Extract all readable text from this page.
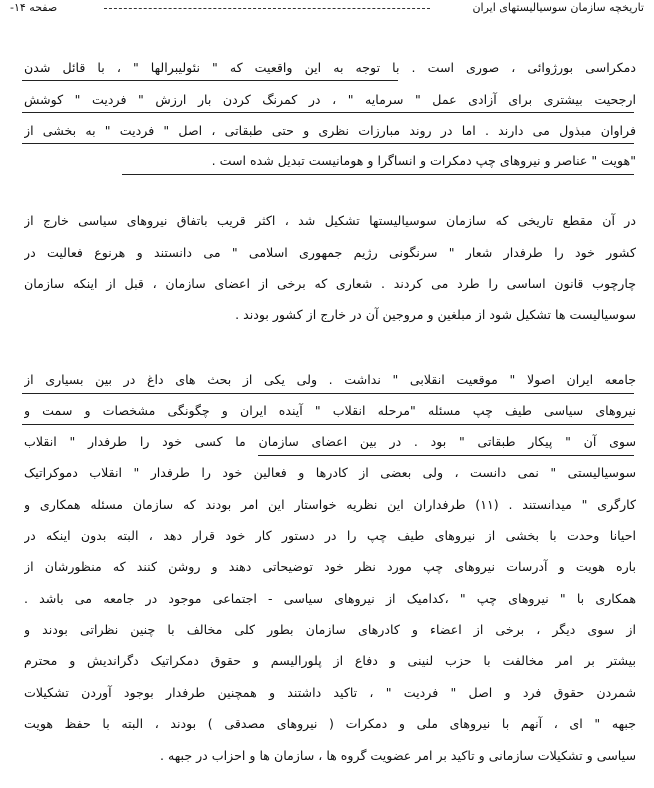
تاریخچه سازمان سوسیالیستهای ایران
صفحه ۱۴-
دمکراسی بورژوائی ، صوری است . با توجه به این واقعیت که " نئولیبرالها " ، با قائل شدن
ارجحیت بیشتری برای آزادی عمل " سرمایه " ، در کمرنگ کردن بار ارزش " فردیت " کوشش
فراوان مبذول می دارند . اما در روند مبارزات نظری و حتی طبقاتی ، اصل " فردیت " به بخشی از
"هویت " عناصر و نیروهای چپ دمکرات و انساگرا و هومانیست تبدیل شده است .
در آن مقطع تاریخی که سازمان سوسیالیستها تشکیل شد ، اکثر قریب باتفاق نیروهای سیاسی خارج از
کشور خود را طرفدار شعار " سرنگونی رژیم جمهوری اسلامی " می دانستند و هرنوع فعالیت در
چارچوب قانون اساسی را طرد می کردند . شعاری که برخی از اعضای سازمان ، قبل از اینکه سازمان
سوسیالیست ها تشکیل شود از مبلغین و مروجین آن در خارج از کشور بودند .
جامعه ایران اصولا " موقعیت انقلابی " نداشت . ولی یکی از بحث های داغ در بین بسیاری از
نیروهای سیاسی طیف چپ مسئله "مرحله انقلاب " آینده ایران و چگونگی مشخصات و سمت و
سوی آن " پیکار طبقاتی " بود . در بین اعضای سازمان ما کسی خود را طرفدار " انقلاب
سوسیالیستی " نمی دانست ، ولی بعضی از کادرها و فعالین خود را طرفدار " انقلاب دموکراتیک
کارگری " میدانستند . (۱۱) طرفداران این نظریه خواستار این امر بودند که سازمان مسئله همکاری و
احیانا وحدت با بخشی از نیروهای طیف چپ را در دستور کار خود قرار دهد ، البته بدون اینکه در
باره هویت و آدرسات نیروهای چپ مورد نظر خود توضیحاتی دهند و روشن کنند که منظورشان از
همکاری با " نیروهای چپ " ،کدامیک از نیروهای سیاسی - اجتماعی موجود در جامعه می باشد .
از سوی دیگر ، برخی از اعضاء و کادرهای سازمان بطور کلی مخالف با چنین نظراتی بودند و
بیشتر بر امر مخالفت با حزب لنینی و دفاع از پلورالیسم و حقوق دمکراتیک دگراندیش و محترم
شمردن حقوق فرد و اصل " فردیت " ، تاکید داشتند و همچنین طرفدار بوجود آوردن تشکیلات
جبهه " ای ، آنهم با نیروهای ملی و دمکرات ( نیروهای مصدقی ) بودند ، البته با حفظ هویت
سیاسی و تشکیلات سازمانی و تاکید بر امر عضویت گروه ها ، سازمان ها و احزاب در جبهه .
